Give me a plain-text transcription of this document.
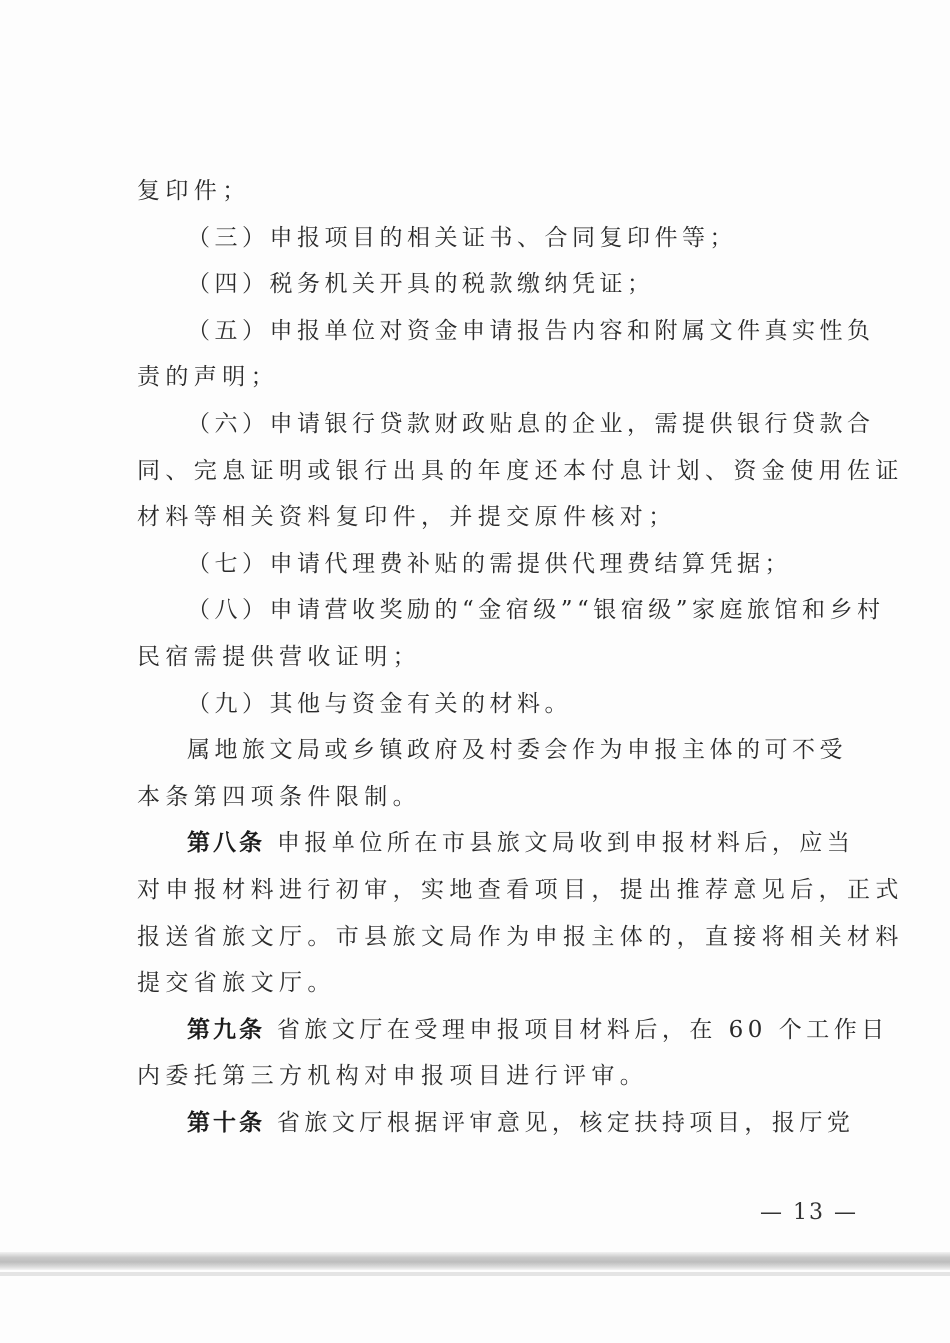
复印件；
（三）申报项目的相关证书、合同复印件等；
（四）税务机关开具的税款缴纳凭证；
（五）申报单位对资金申请报告内容和附属文件真实性负
责的声明；
（六）申请银行贷款财政贴息的企业，需提供银行贷款合
同、完息证明或银行出具的年度还本付息计划、资金使用佐证
材料等相关资料复印件，并提交原件核对；
（七）申请代理费补贴的需提供代理费结算凭据；
（八）申请营收奖励的“金宿级”“银宿级”家庭旅馆和乡村
民宿需提供营收证明；
（九）其他与资金有关的材料。
属地旅文局或乡镇政府及村委会作为申报主体的可不受
本条第四项条件限制。
第八条 申报单位所在市县旅文局收到申报材料后，应当
对申报材料进行初审，实地查看项目，提出推荐意见后，正式
报送省旅文厅。市县旅文局作为申报主体的，直接将相关材料
提交省旅文厅。
第九条 省旅文厅在受理申报项目材料后，在 60 个工作日
内委托第三方机构对申报项目进行评审。
第十条 省旅文厅根据评审意见，核定扶持项目，报厅党
— 13 —
